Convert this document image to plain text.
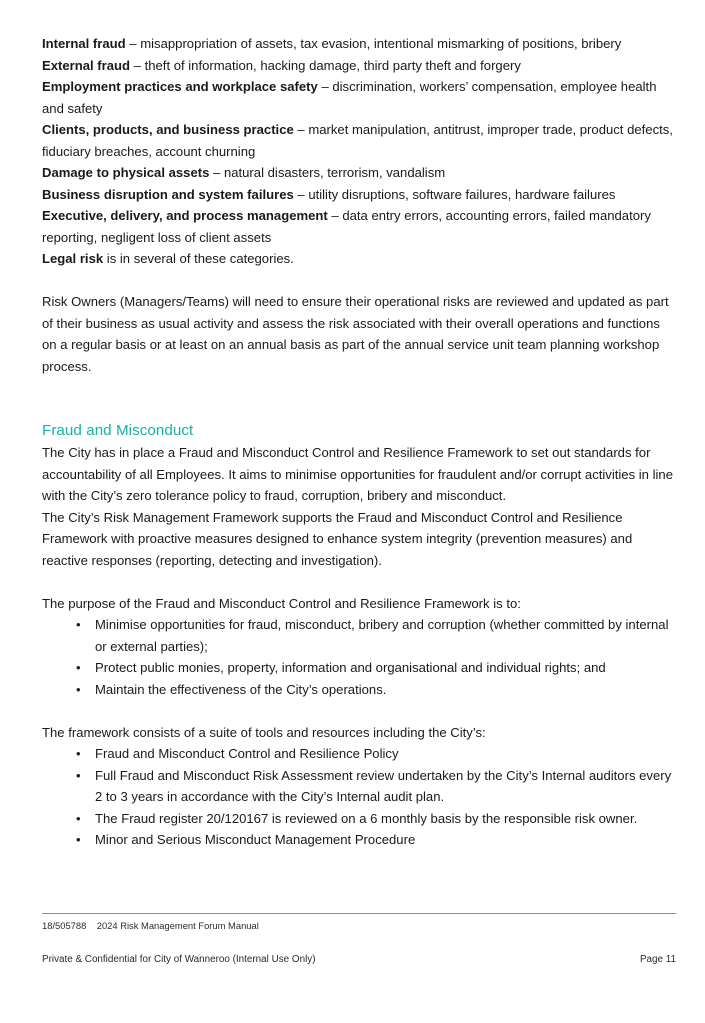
Internal fraud – misappropriation of assets, tax evasion, intentional mismarking of positions, bribery

External fraud – theft of information, hacking damage, third party theft and forgery

Employment practices and workplace safety – discrimination, workers’ compensation, employee health and safety

Clients, products, and business practice – market manipulation, antitrust, improper trade, product defects, fiduciary breaches, account churning

Damage to physical assets – natural disasters, terrorism, vandalism

Business disruption and system failures – utility disruptions, software failures, hardware failures

Executive, delivery, and process management – data entry errors, accounting errors, failed mandatory reporting, negligent loss of client assets

Legal risk is in several of these categories.

Risk Owners (Managers/Teams) will need to ensure their operational risks are reviewed and updated as part of their business as usual activity and assess the risk associated with their overall operations and functions on a regular basis or at least on an annual basis as part of the annual service unit team planning workshop process.

Fraud and Misconduct

The City has in place a Fraud and Misconduct Control and Resilience Framework to set out standards for accountability of all Employees. It aims to minimise opportunities for fraudulent and/or corrupt activities in line with the City’s zero tolerance policy to fraud, corruption, bribery and misconduct.

The City’s Risk Management Framework supports the Fraud and Misconduct Control and Resilience Framework with proactive measures designed to enhance system integrity (prevention measures) and reactive responses (reporting, detecting and investigation).

The purpose of the Fraud and Misconduct Control and Resilience Framework is to:

• Minimise opportunities for fraud, misconduct, bribery and corruption (whether committed by internal or external parties);
• Protect public monies, property, information and organisational and individual rights; and
• Maintain the effectiveness of the City’s operations.

The framework consists of a suite of tools and resources including the City’s:

• Fraud and Misconduct Control and Resilience Policy
• Full Fraud and Misconduct Risk Assessment review undertaken by the City’s Internal auditors every 2 to 3 years in accordance with the City’s Internal audit plan.
• The Fraud register 20/120167 is reviewed on a 6 monthly basis by the responsible risk owner.
• Minor and Serious Misconduct Management Procedure
18/505788    2024 Risk Management Forum Manual
Private & Confidential for City of Wanneroo (Internal Use Only)	Page 11
